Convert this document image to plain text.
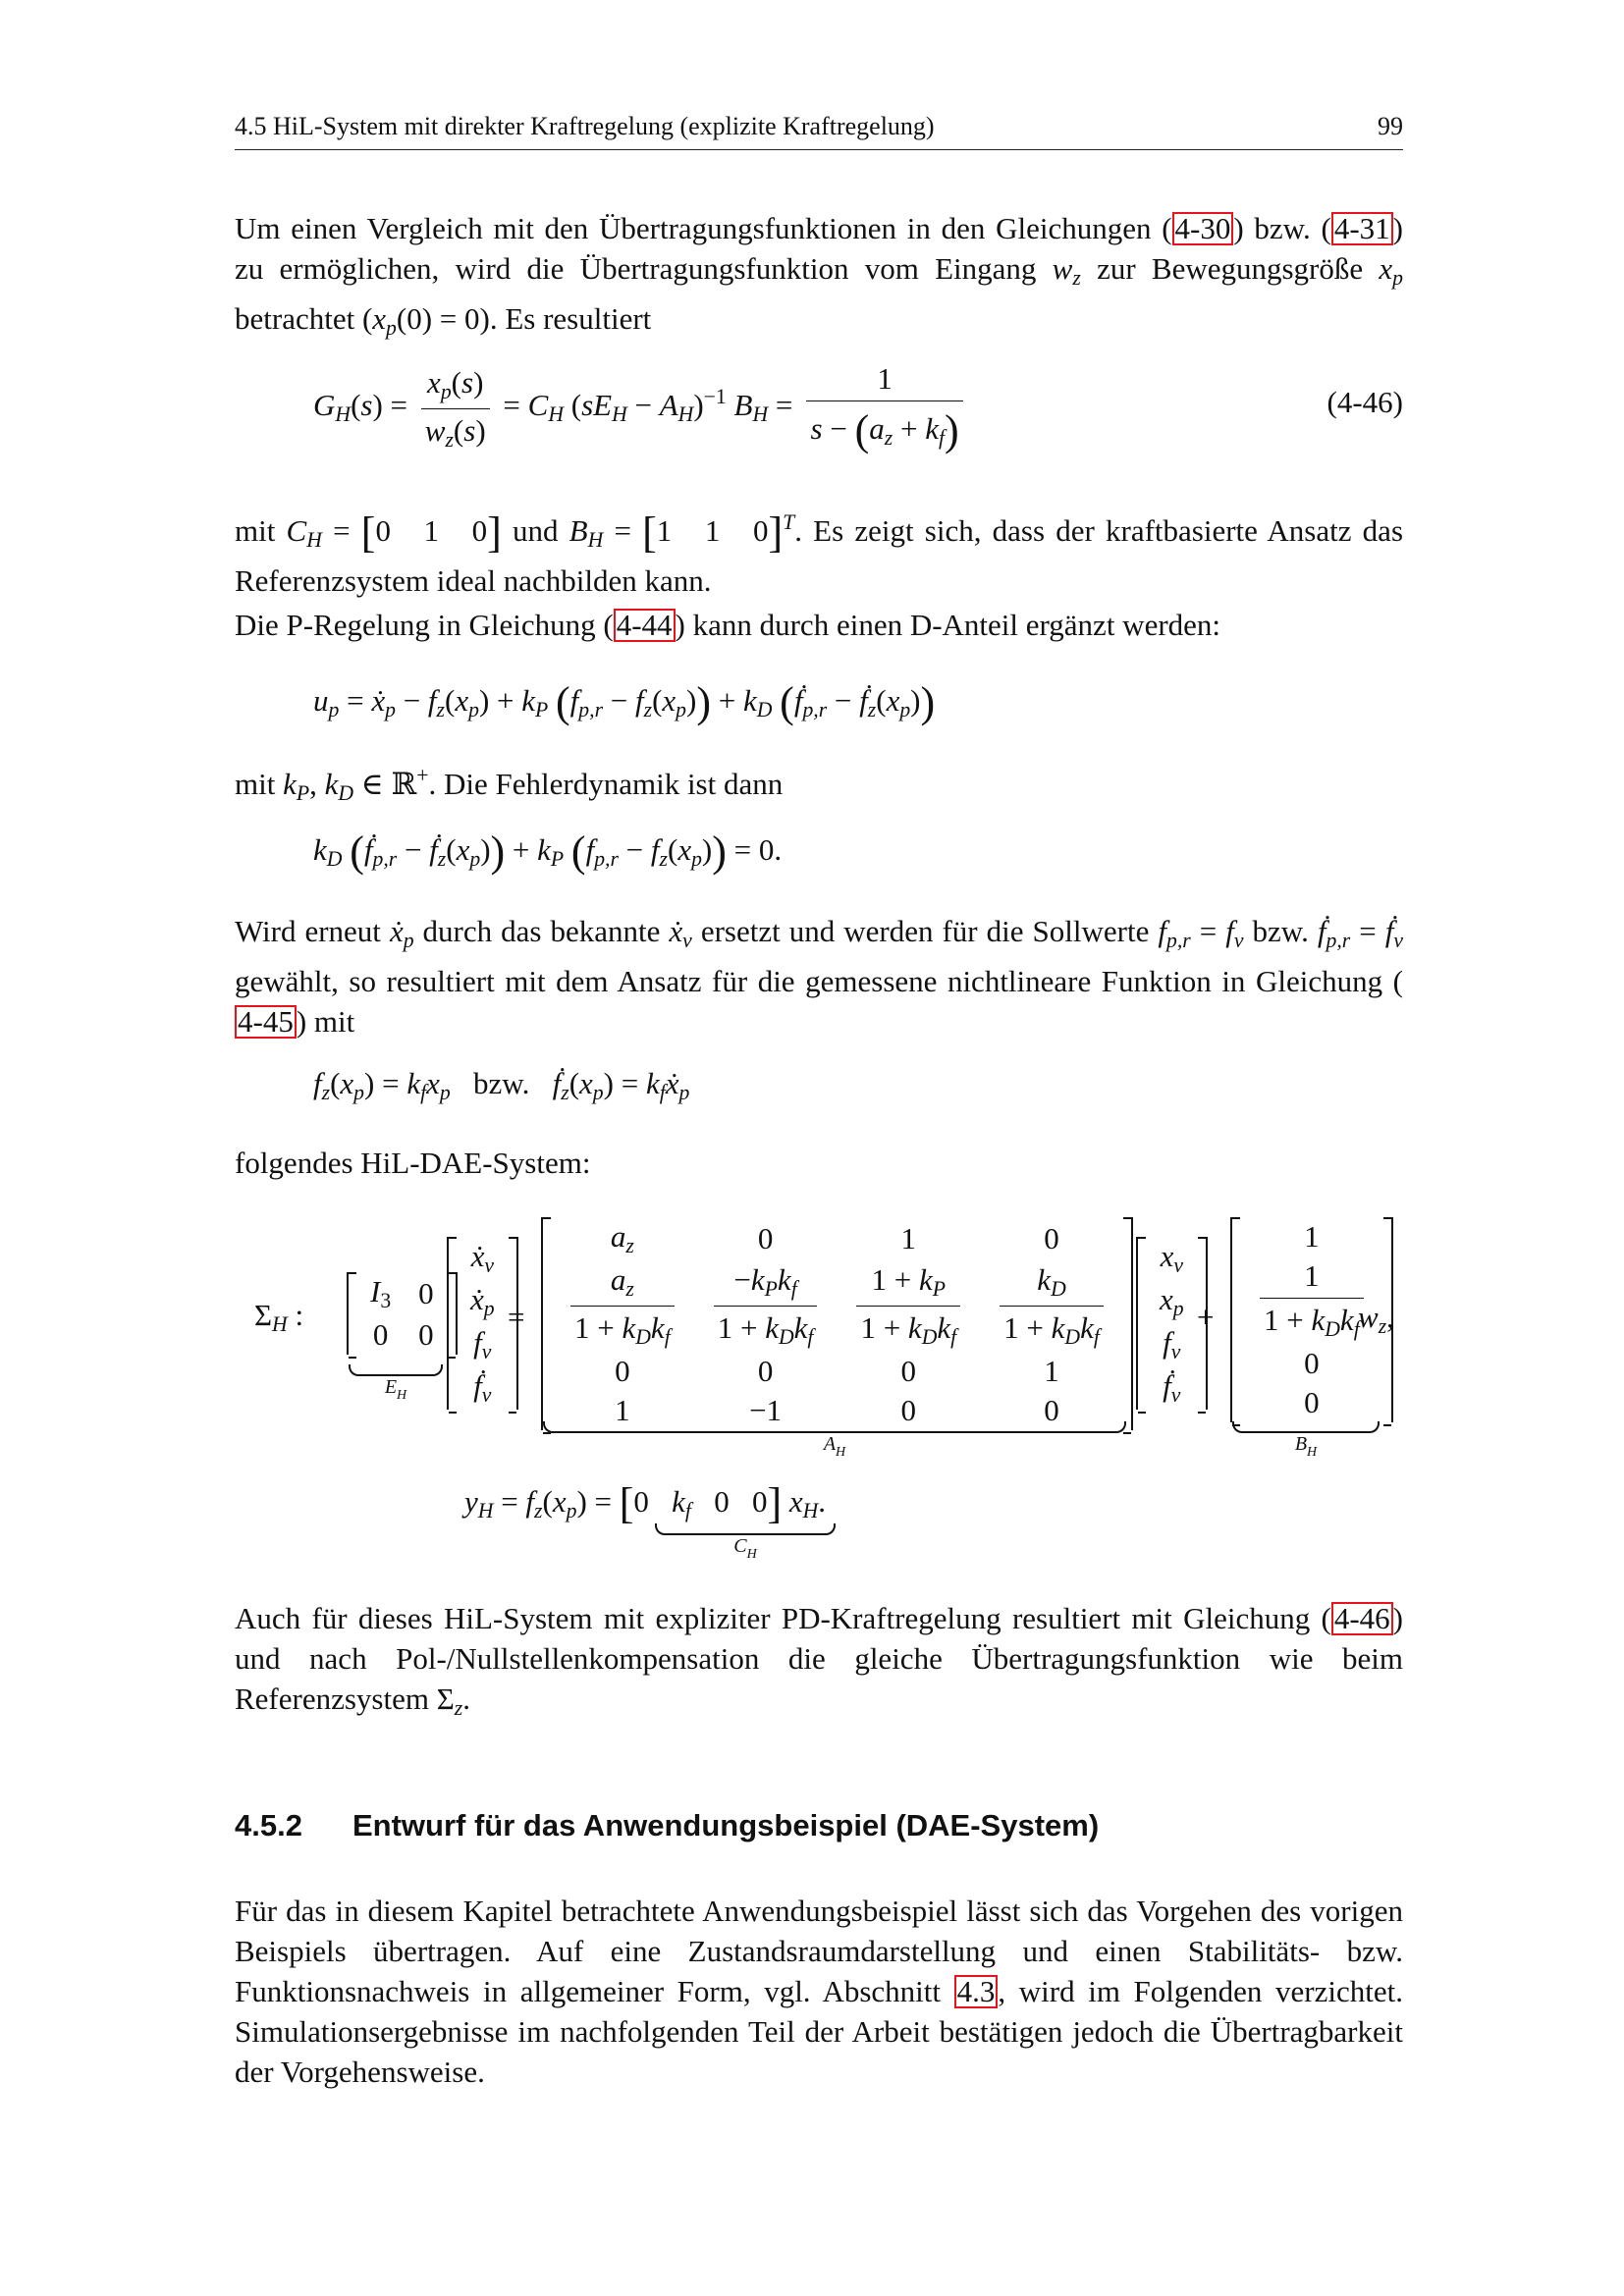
4.5 HiL-System mit direkter Kraftregelung (explizite Kraftregelung)	99
Um einen Vergleich mit den Übertragungsfunktionen in den Gleichungen (4-30) bzw. (4-31) zu ermöglichen, wird die Übertragungsfunktion vom Eingang $w_z$ zur Bewegungsgröße $x_p$ betrachtet $(x_p(0) = 0)$. Es resultiert
$G_H(s) = \frac{x_p(s)}{w_z(s)} = C_H$ $(sE_H - A_H)^{-1}$ $B_H = \frac{1}{s - (a_z + k_f)}$	(4-46)
mit $C_H = [0$   1   0] und $B_H = [1$   1   0]$^T$. Es zeigt sich, dass der kraftbasierte Ansatz das Referenzsystem ideal nachbilden kann.
Die P-Regelung in Gleichung (4-44) kann durch einen D-Anteil ergänzt werden:
$u_p$ = $ẋ_p - f_z(x_p) + k_P$ $(f_{p,r} - f_z(x_p)) + k_D$ ($ḟ_{p,r}$ − $ḟ_z(x_p)$)
mit $k_P$, $k_D$ ∈ ℝ+. Die Fehlerdynamik ist dann
$k_D$ ($ḟ_{p,r}$ − $ḟ_z(x_p)) + k_P$ $(f_{p,r} - f_z(x_p)) = 0$.
Wird erneut $ẋ_p$ durch das bekannte $ẋ_v$ ersetzt und werden für die Sollwerte $f_{p,r} = f_v$ bzw. $ḟ_{p,r}$ = $ḟ_v$ gewählt, so resultiert mit dem Ansatz für die gemessene nichtlineare Funktion in Gleichung (4-45) mit
$f_z(x_p) = k_fx_p$ bzw. $ḟ_z(x_p)$ = $k_fẋ_p$
folgendes HiL-DAE-System:
$\Sigma_H$ :
$I_3$	0
0	0
$E_H$
$ẋ_v$
$ẋ_p$
$f_v$
$ḟ_v$
=
$a_z$	0	1	0

$\frac{a_z}{1 + k_Dk_f}$	$\frac{-k_Pk_f}{1 + k_Dk_f}$	$\frac{1 + k_P}{1 + k_Dk_f}$	$\frac{k_D}{1 + k_Dk_f}$

0	0	0	1
1	−1	0	0
$A_H$
$x_v$
$x_p$
$f_v$
$ḟ_v$
+
1

$\frac{1}{1 + k_Dk_f}$

0
0
$B_H$
$w_z$,
$y_H = f_z(x_p) = [0$   $k_f$   0   0] $x_H$.
$C_H$
Auch für dieses HiL-System mit expliziter PD-Kraftregelung resultiert mit Gleichung (4-46) und nach Pol-/Nullstellenkompensation die gleiche Übertragungsfunktion wie beim Referenzsystem $\Sigma_z$.
4.5.2 Entwurf für das Anwendungsbeispiel (DAE-System)
Für das in diesem Kapitel betrachtete Anwendungsbeispiel lässt sich das Vorgehen des vorigen Beispiels übertragen. Auf eine Zustandsraumdarstellung und einen Stabilitäts- bzw. Funktionsnachweis in allgemeiner Form, vgl. Abschnitt 4.3, wird im Folgenden verzichtet. Simulationsergebnisse im nachfolgenden Teil der Arbeit bestätigen jedoch die Übertragbarkeit der Vorgehensweise.
